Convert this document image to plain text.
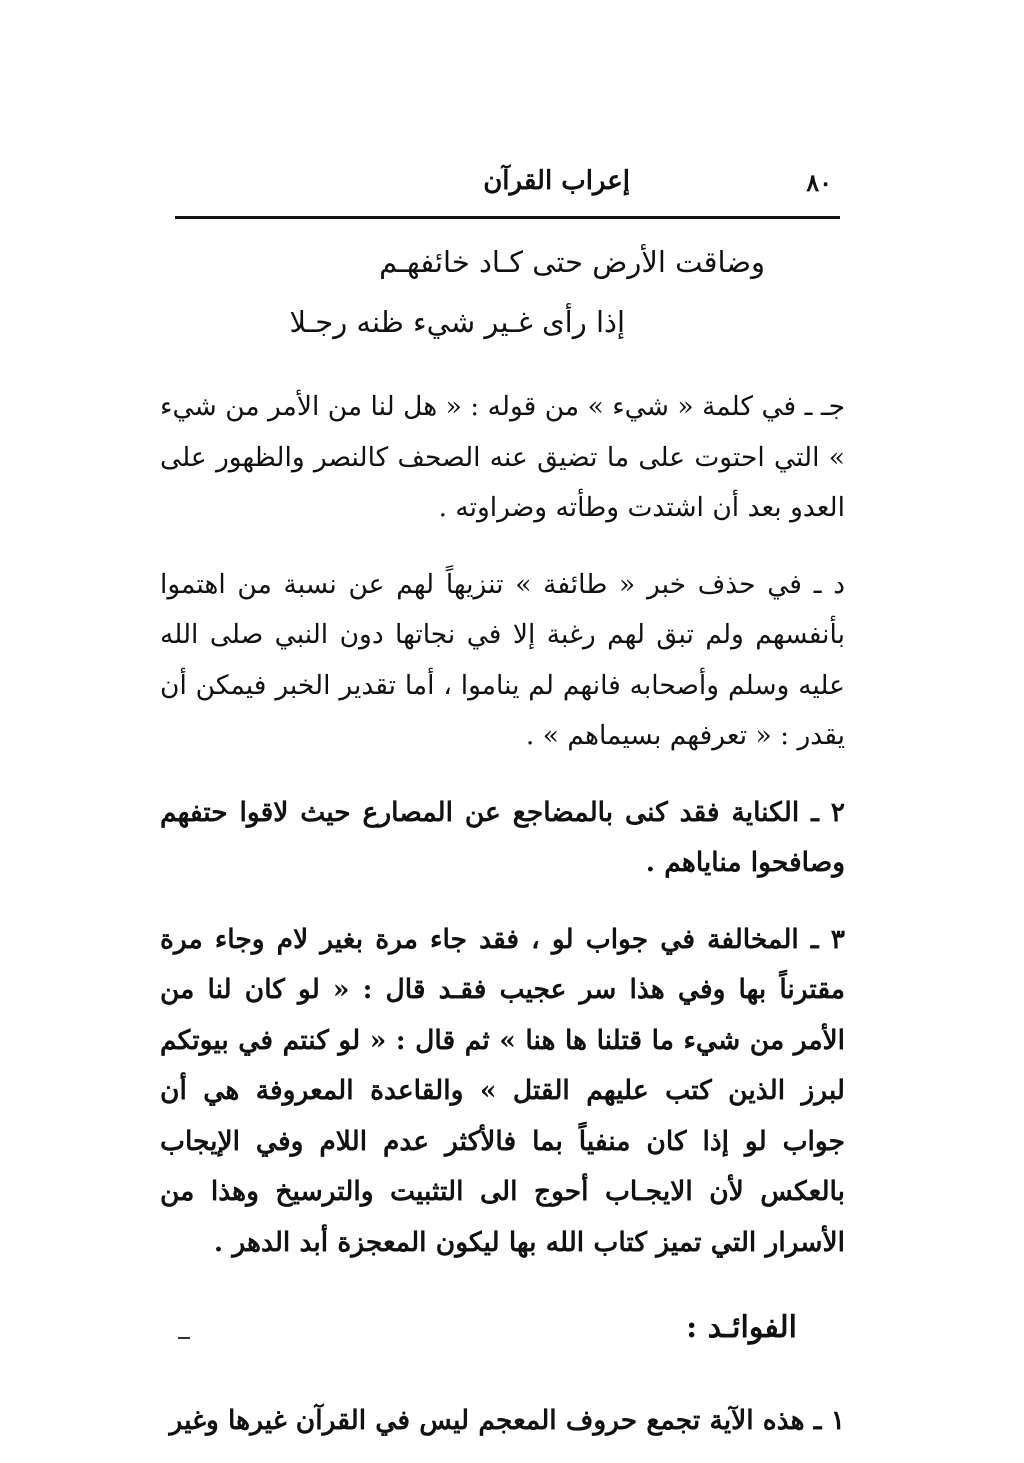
٨٠
إعراب القرآن
وضاقت الأرض حتى كـاد خائفهـم
إذا رأى غـير شيء ظنه رجـلا

جـ ـ في كلمة « شيء » من قوله : « هل لنا من الأمر من شيء » التي احتوت على ما تضيق عنه الصحف كالنصر والظهور على العدو بعد أن اشتدت وطأته وضراوته .

د ـ في حذف خبر « طائفة » تنزيهاً لهم عن نسبة من اهتموا بأنفسهم ولم تبق لهم رغبة إلا في نجاتها دون النبي صلى الله عليه وسلم وأصحابه فانهم لم يناموا ، أما تقدير الخبر فيمكن أن يقدر : « تعرفهم بسيماهم » .

٢ ـ الكناية فقد كنى بالمضاجع عن المصارع حيث لاقوا حتفهم وصافحوا مناياهم .

٣ ـ المخالفة في جواب لو ، فقد جاء مرة بغير لام وجاء مرة مقترناً بها وفي هذا سر عجيب فقـد قال : « لو كان لنا من الأمر من شيء ما قتلنا ها هنا » ثم قال : « لو كنتم في بيوتكم لبرز الذين كتب عليهم القتل » والقاعدة المعروفة هي أن جواب لو إذا كان منفياً بما فالأكثر عدم اللام وفي الإيجاب بالعكس لأن الايجـاب أحوج الى التثبيت والترسيخ وهذا من الأسرار التي تميز كتاب الله بها ليكون المعجزة أبد الدهر .

الفوائـد :

١ ـ هذه الآية تجمع حروف المعجم ليس في القرآن غيرها وغير
